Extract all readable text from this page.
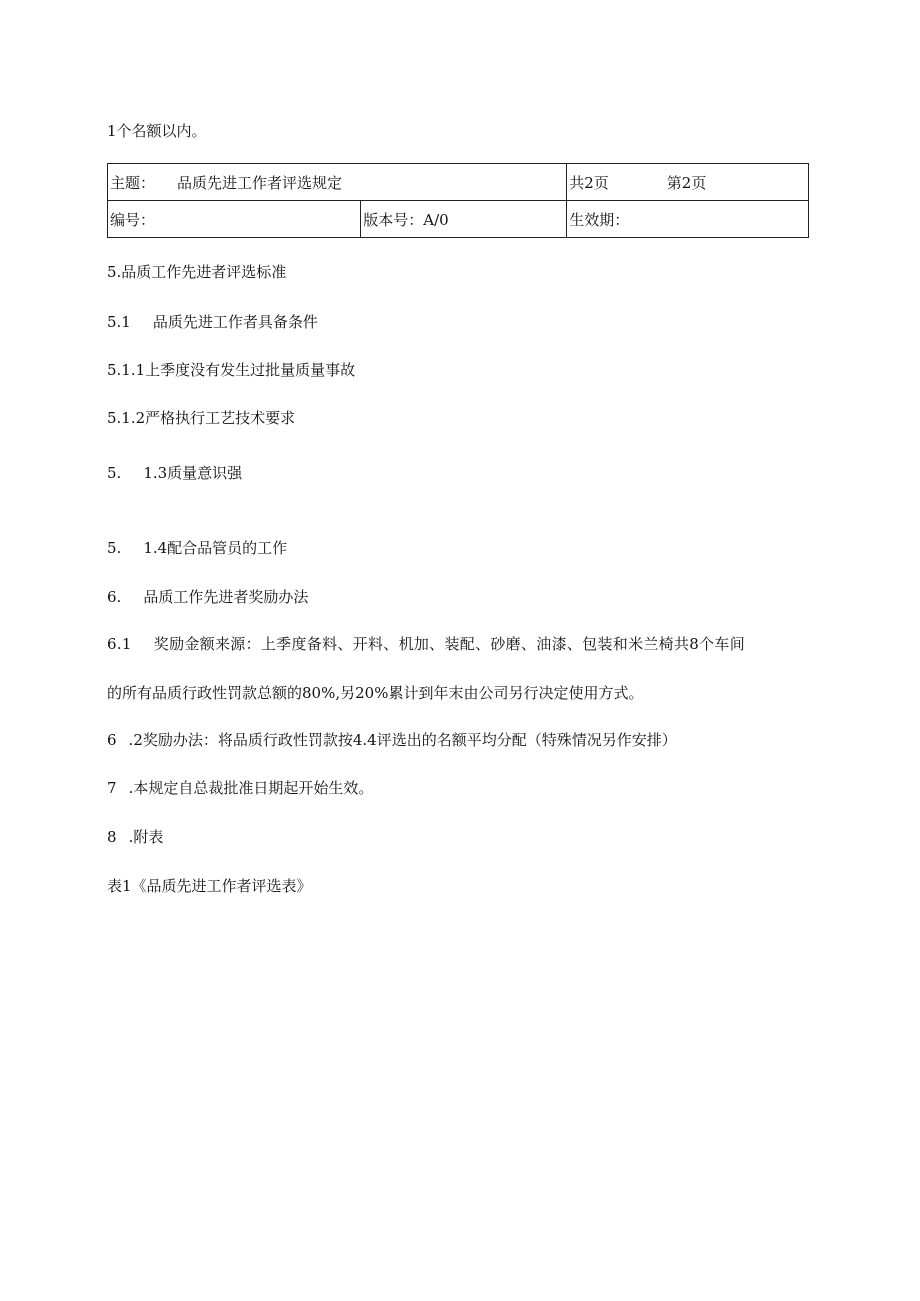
1个名额以内。
主题： 品质先进工作者评选规定		共2页 第2页
编号：	版本号：A/0	生效期：
5.品质工作先进者评选标准
5.1 品质先进工作者具备条件
5.1.1上季度没有发生过批量质量事故
5.1.2严格执行工艺技术要求
5. 1.3质量意识强
5. 1.4配合品管员的工作
6. 品质工作先进者奖励办法
6.1 奖励金额来源：上季度备料、开料、机加、装配、砂磨、油漆、包装和米兰椅共8个车间
的所有品质行政性罚款总额的80%,另20%累计到年末由公司另行决定使用方式。
6 .2奖励办法：将品质行政性罚款按4.4评选出的名额平均分配（特殊情况另作安排）
7 .本规定自总裁批准日期起开始生效。
8 .附表
表1《品质先进工作者评选表》
